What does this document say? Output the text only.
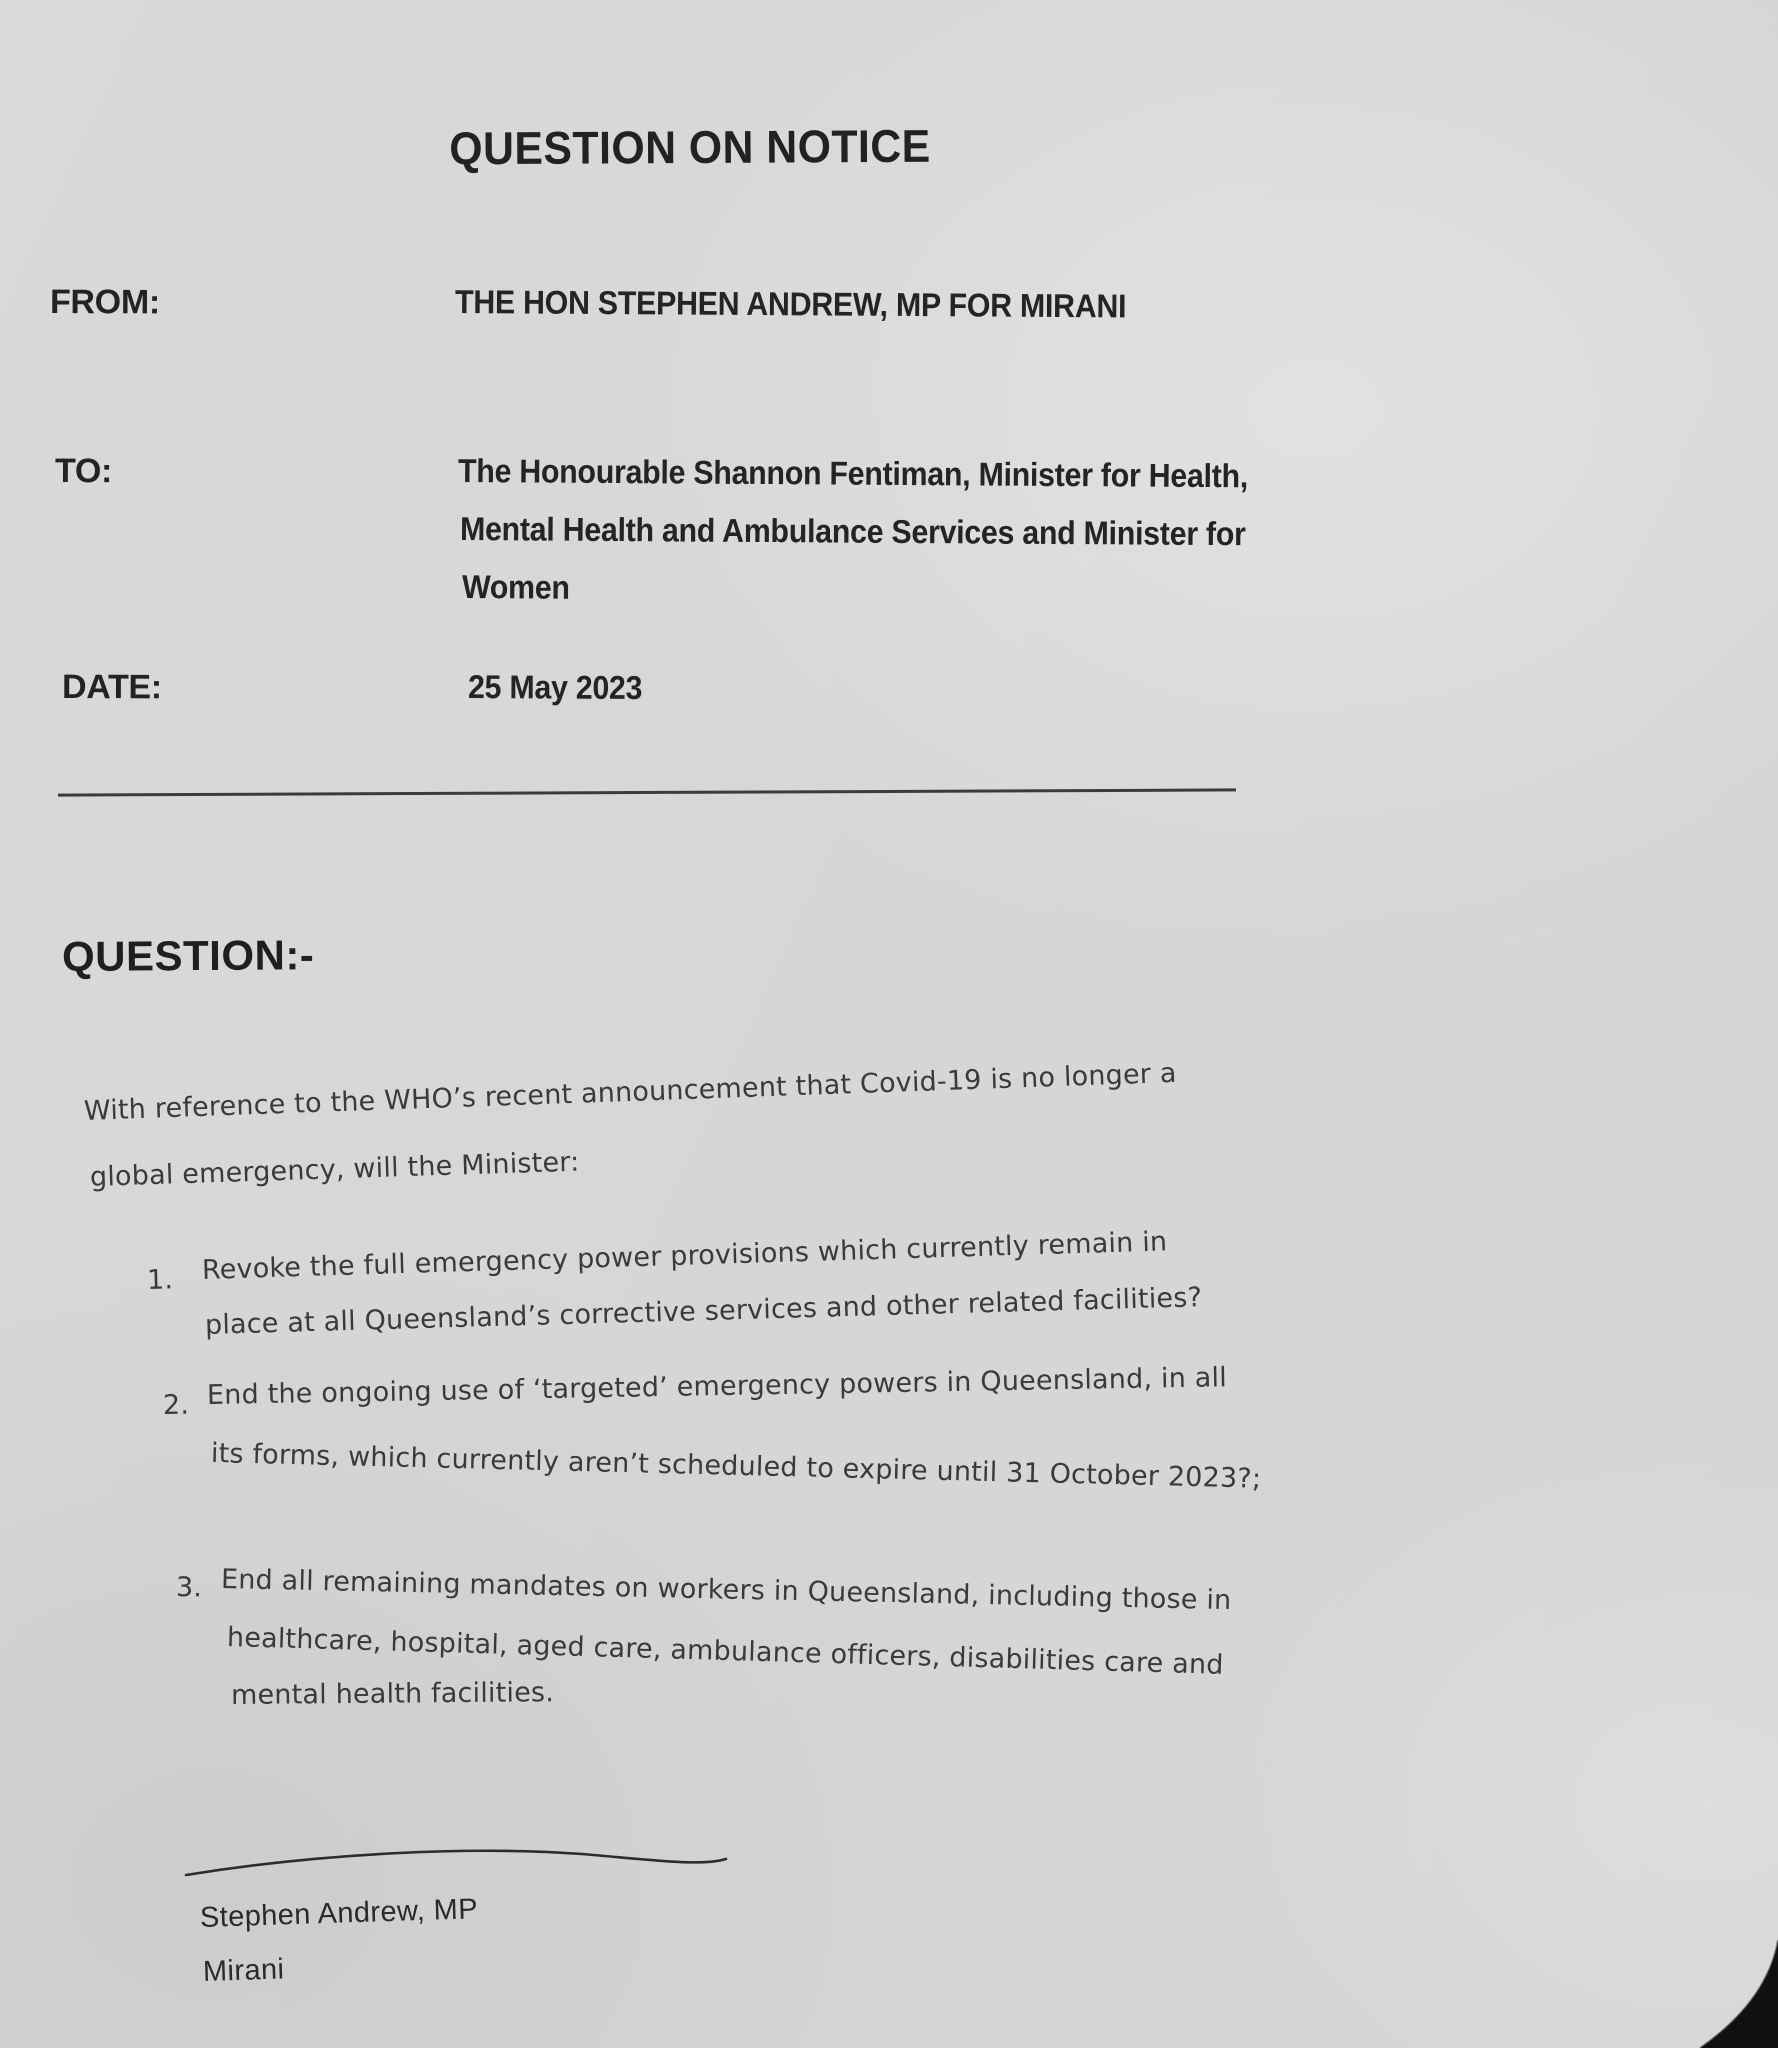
QUESTION ON NOTICE
FROM:	THE HON STEPHEN ANDREW, MP FOR MIRANI
TO:	The Honourable Shannon Fentiman, Minister for Health,
Mental Health and Ambulance Services and Minister for
Women
DATE:	25 May 2023
QUESTION:-
With reference to the WHO’s recent announcement that Covid-19 is no longer a
global emergency, will the Minister:
1. Revoke the full emergency power provisions which currently remain in
place at all Queensland’s corrective services and other related facilities?
2. End the ongoing use of ‘targeted’ emergency powers in Queensland, in all
its forms, which currently aren’t scheduled to expire until 31 October 2023?;
3. End all remaining mandates on workers in Queensland, including those in
healthcare, hospital, aged care, ambulance officers, disabilities care and
mental health facilities.
Stephen Andrew, MP
Mirani
